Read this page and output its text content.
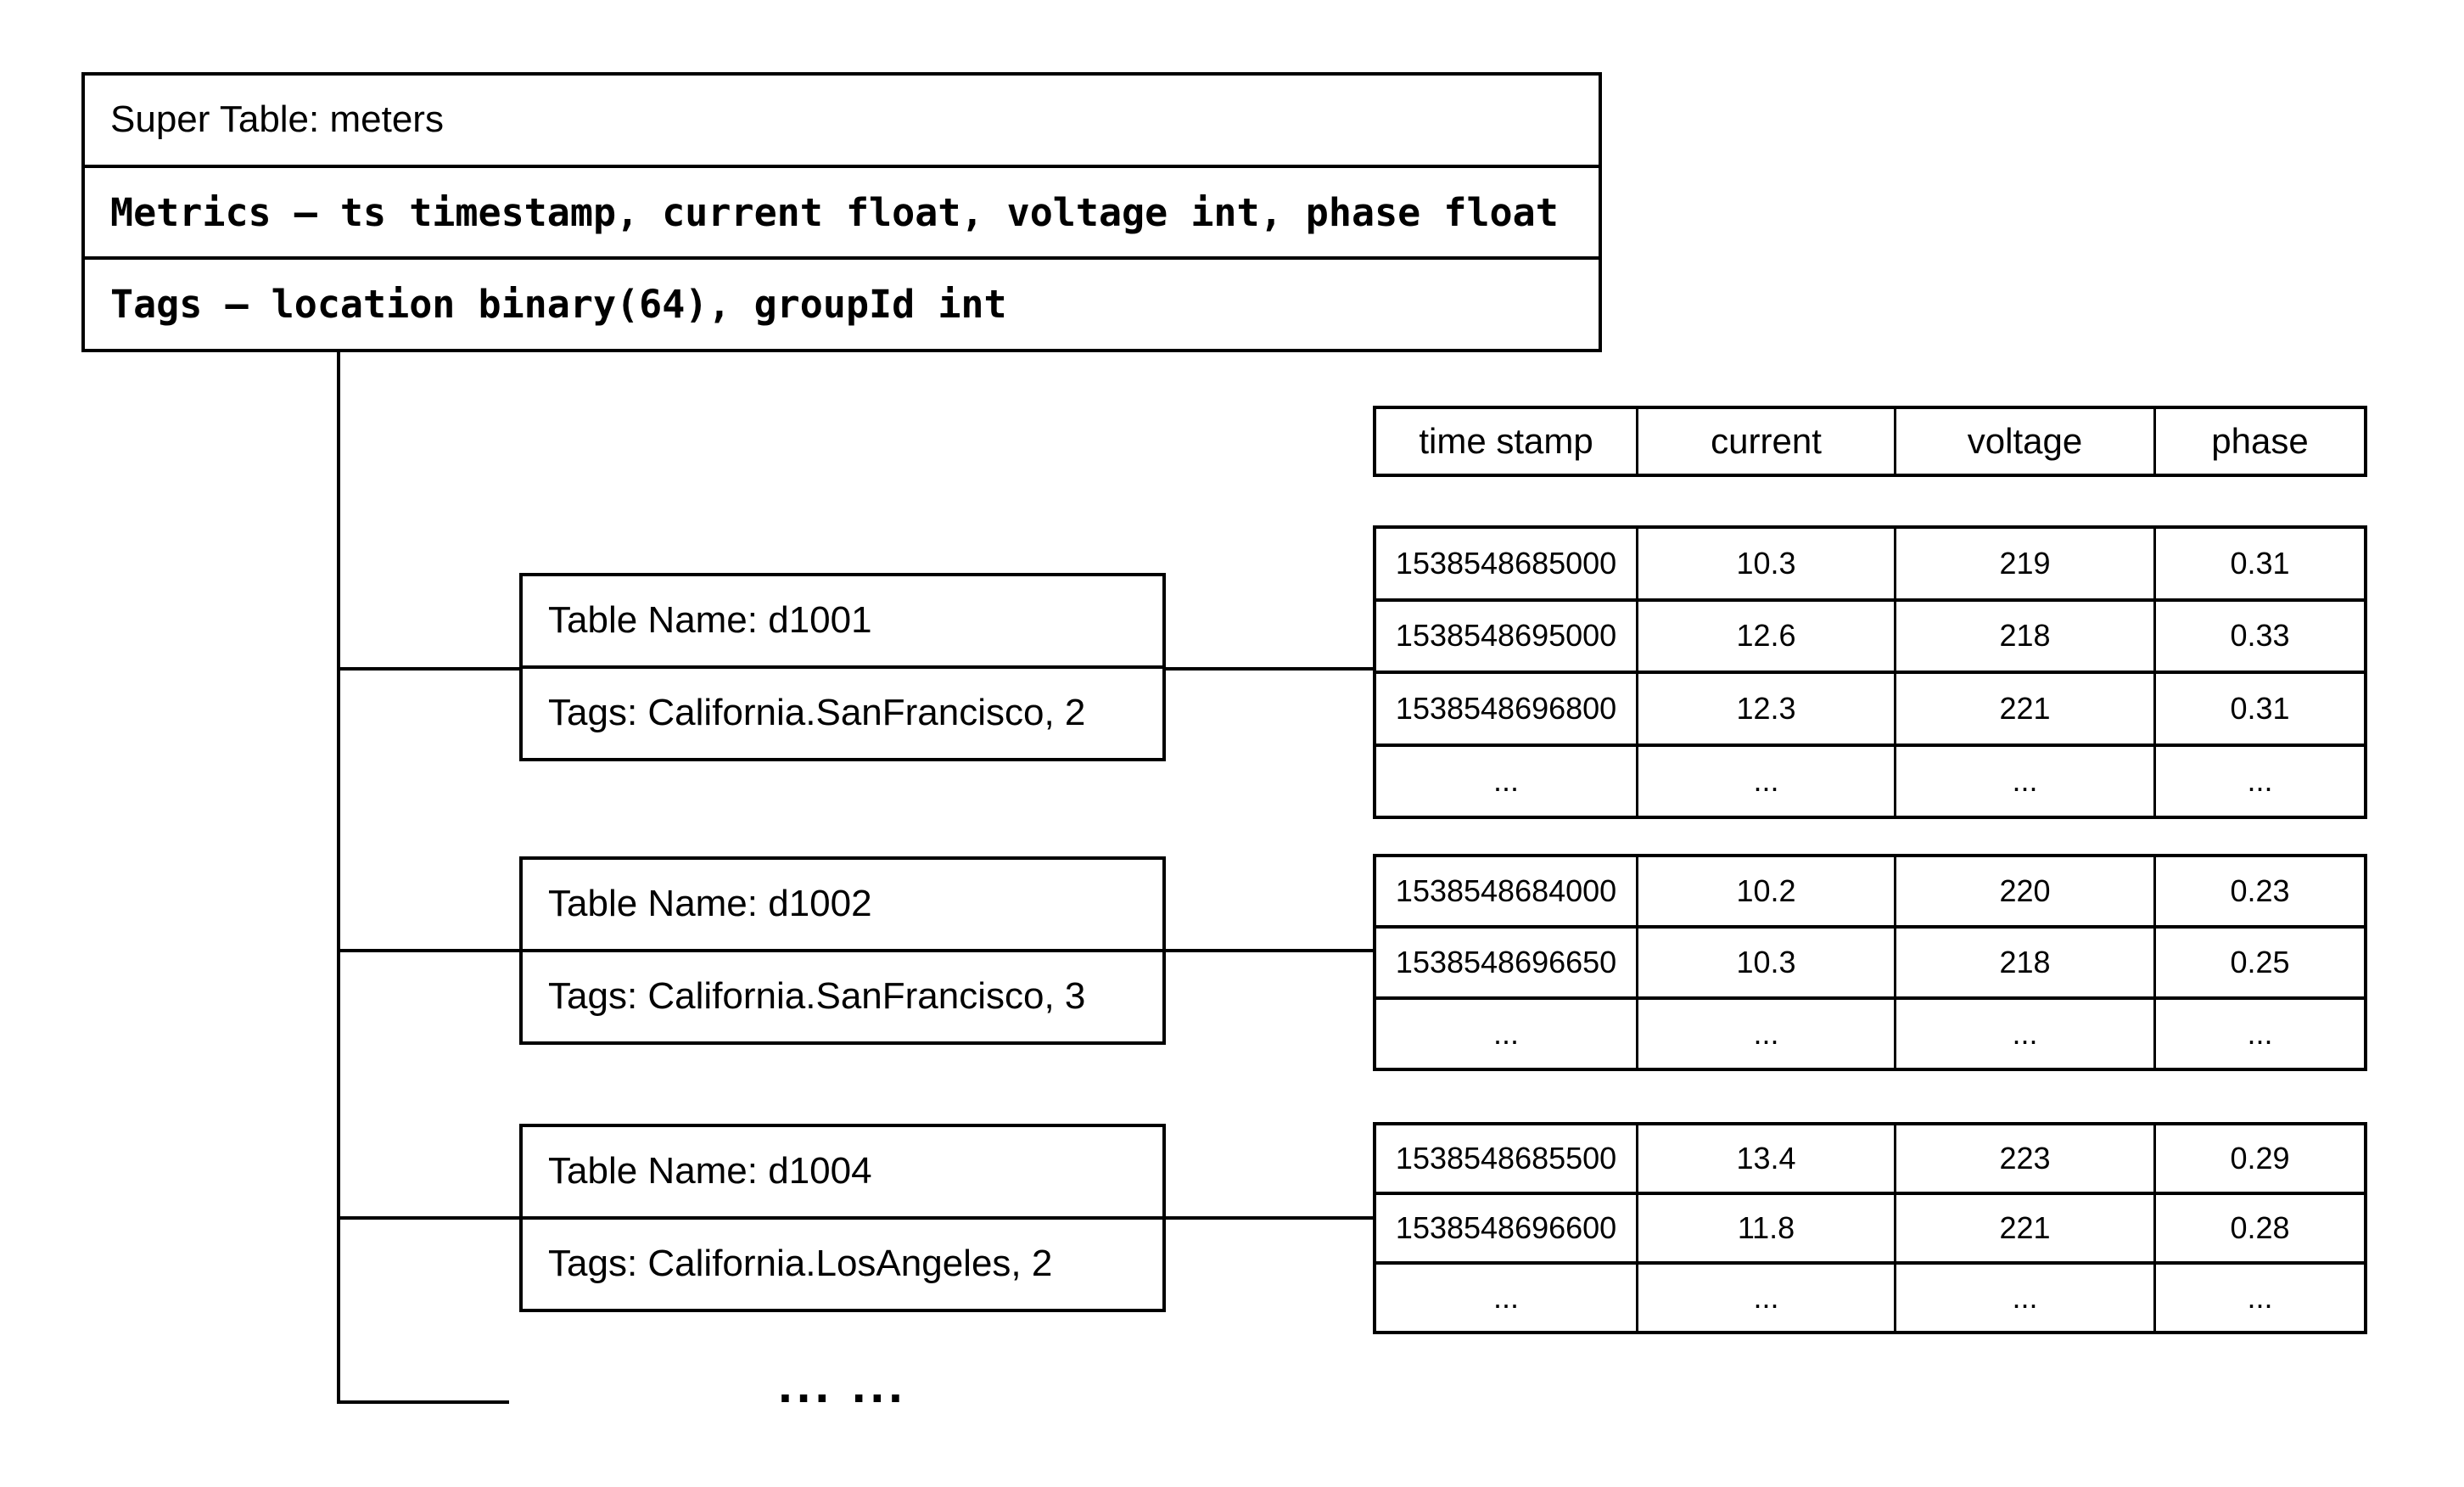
Super Table: meters
Metrics — ts timestamp, current float, voltage int, phase float
Tags — location binary(64), groupId int
time stamp	current	voltage	phase
Table Name: d1001
Tags: California.SanFrancisco, 2
1538548685000	10.3	219	0.31
1538548695000	12.6	218	0.33
1538548696800	12.3	221	0.31
...	...	...	...
Table Name: d1002
Tags: California.SanFrancisco, 3
1538548684000	10.2	220	0.23
1538548696650	10.3	218	0.25
...	...	...	...
Table Name: d1004
Tags: California.LosAngeles, 2
1538548685500	13.4	223	0.29
1538548696600	11.8	221	0.28
...	...	...	...
... ...
